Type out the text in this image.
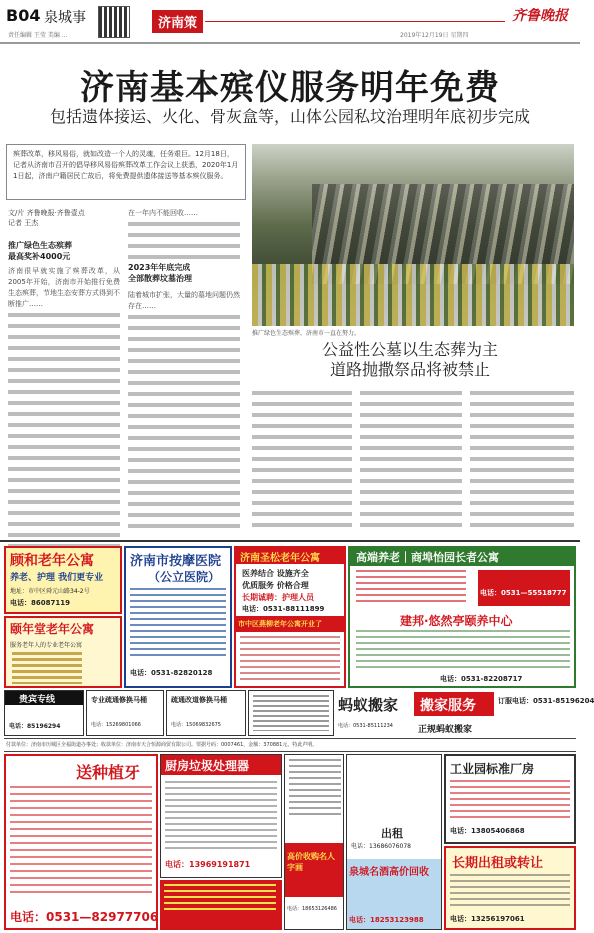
B04 泉城事
责任编辑 王莹 美编 ...
济南策	齐鲁晚报
2019年12月19日 星期四
济南基本殡仪服务明年免费
包括遗体接运、火化、骨灰盒等，山体公园私坟治理明年底初步完成
殡葬改革，移风易俗，就如改造一个人的灵魂，任务艰巨。12月18日，记者从济南市召开的倡导移风易俗殡葬改革工作会议上获悉，2020年1月1日起，济南户籍居民亡故后，将免费提供遗体接送等基本殡仪服务。
推广绿色生态殡葬，济南市一直在努力。
文/片 齐鲁晚报·齐鲁壹点
记者 王杰
推广绿色生态殡葬
最高奖补4000元
济南很早就实施了殡葬改革，从2005年开始，济南市开始推行免费生态殡葬，节地生态安葬方式得到不断推广……
在一年内不能回收……
2023年年底完成
全部散葬坟墓治理
陆着城市扩张，大量的墓地问题仍然存在……
公益性公墓以生态葬为主
道路抛撒祭品将被禁止
顾和老年公寓
养老、护理 我们更专业
地址：市中区舜元山路34-2号
电话：86087119
颐年堂老年公寓
服务老年人的专业老年公寓
济南市按摩医院
（公立医院）
电话：0531-82820128
济南圣松老年公寓
医养结合 设施齐全
优质服务 价格合理
长期诚聘：护理人员
电话：0531-88111899
市中区燕柳老年公寓开业了
高端养老｜商埠怡园长者公寓
电话：0531—55518777
建邦·悠然亭颐养中心
电话：0531-82208717
贵宾专线
电话：85196294
专业疏通修换马桶
电话：15269801066
疏通改道修换马桶
电话：15069832675
蚂蚁搬家
电话：0531-85111234
搬家服务	订服电话：0531-85196204
正规蚂蚁搬家
付款单位：济南市历城区全福街道办事处；收款单位：济南市天合恒源商贸有限公司。票据号码：0007461，金额：370881元，特此声明。
送种植牙
电话：0531—82977706
厨房垃圾处理器
电话：13969191871
高价收购名人字画
电话：18653126486
出租
电话：13686076078
泉城名酒高价回收
电话：18253123988
工业园标准厂房
电话：13805406868
长期出租或转让
电话：13256197061
